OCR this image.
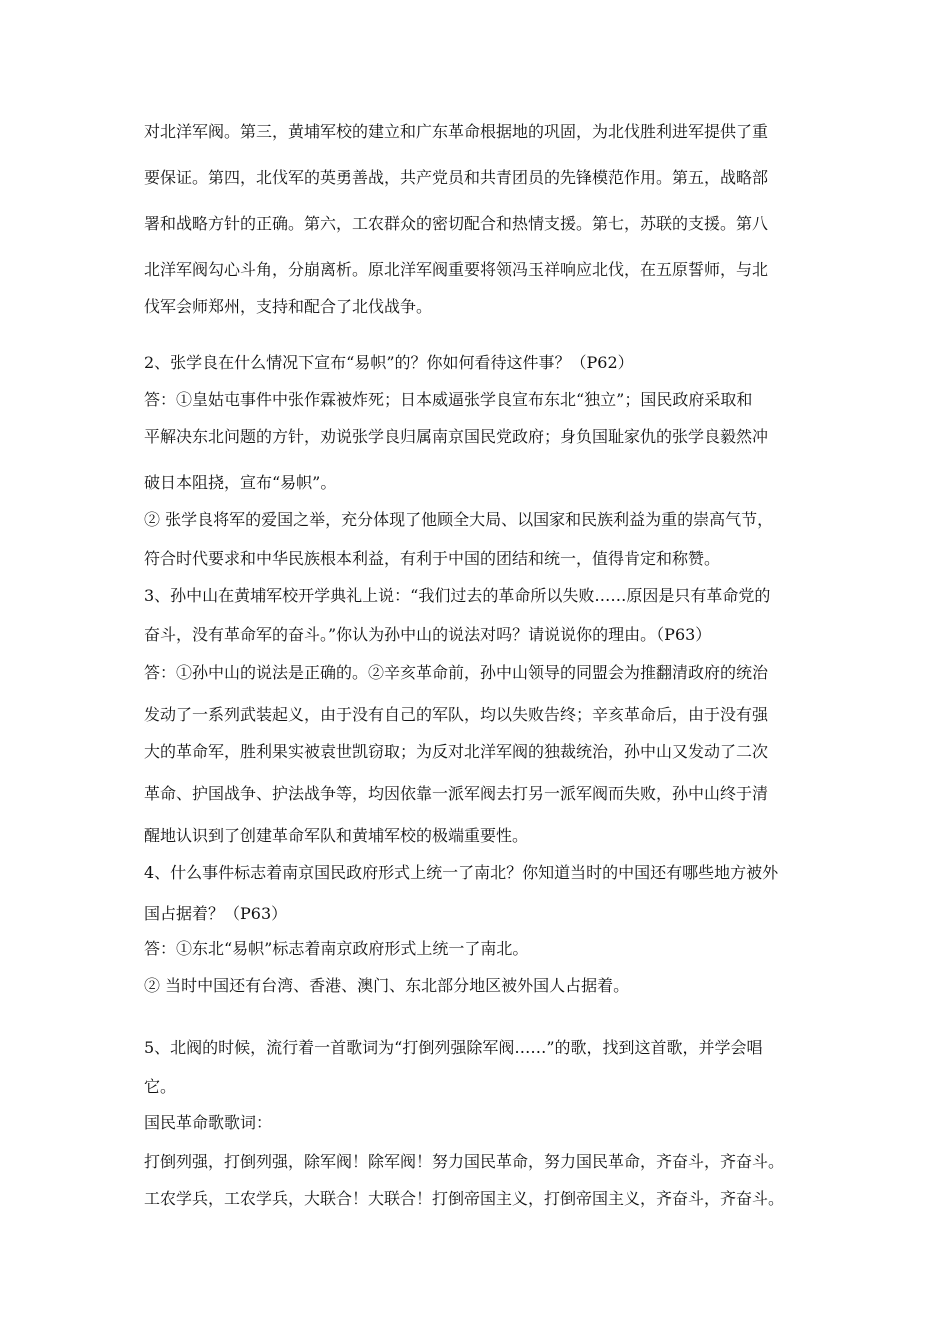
对北洋军阀。第三，黄埔军校的建立和广东革命根据地的巩固，为北伐胜利进军提供了重
要保证。第四，北伐军的英勇善战，共产党员和共青团员的先锋模范作用。第五，战略部
署和战略方针的正确。第六，工农群众的密切配合和热情支援。第七，苏联的支援。第八
北洋军阀勾心斗角，分崩离析。原北洋军阀重要将领冯玉祥响应北伐，在五原誓师，与北
伐军会师郑州，支持和配合了北伐战争。
2、张学良在什么情况下宣布“易帜”的？你如何看待这件事？（P62）
答：①皇姑屯事件中张作霖被炸死；日本威逼张学良宣布东北“独立”；国民政府采取和
平解决东北问题的方针，劝说张学良归属南京国民党政府；身负国耻家仇的张学良毅然冲
破日本阻挠，宣布“易帜”。
② 张学良将军的爱国之举，充分体现了他顾全大局、以国家和民族利益为重的崇高气节，
符合时代要求和中华民族根本利益，有利于中国的团结和统一，值得肯定和称赞。
3、孙中山在黄埔军校开学典礼上说：“我们过去的革命所以失败……原因是只有革命党的
奋斗，没有革命军的奋斗。”你认为孙中山的说法对吗？请说说你的理由。（P63）
答：①孙中山的说法是正确的。②辛亥革命前，孙中山领导的同盟会为推翻清政府的统治
发动了一系列武装起义，由于没有自己的军队，均以失败告终；辛亥革命后，由于没有强
大的革命军，胜利果实被袁世凯窃取；为反对北洋军阀的独裁统治，孙中山又发动了二次
革命、护国战争、护法战争等，均因依靠一派军阀去打另一派军阀而失败，孙中山终于清
醒地认识到了创建革命军队和黄埔军校的极端重要性。
4、什么事件标志着南京国民政府形式上统一了南北？你知道当时的中国还有哪些地方被外
国占据着？（P63）
答：①东北“易帜”标志着南京政府形式上统一了南北。
② 当时中国还有台湾、香港、澳门、东北部分地区被外国人占据着。
5、北阀的时候，流行着一首歌词为“打倒列强除军阀……”的歌，找到这首歌，并学会唱
它。
国民革命歌歌词：
打倒列强，打倒列强，除军阀！除军阀！努力国民革命，努力国民革命，齐奋斗，齐奋斗。
工农学兵，工农学兵，大联合！大联合！打倒帝国主义，打倒帝国主义，齐奋斗，齐奋斗。
